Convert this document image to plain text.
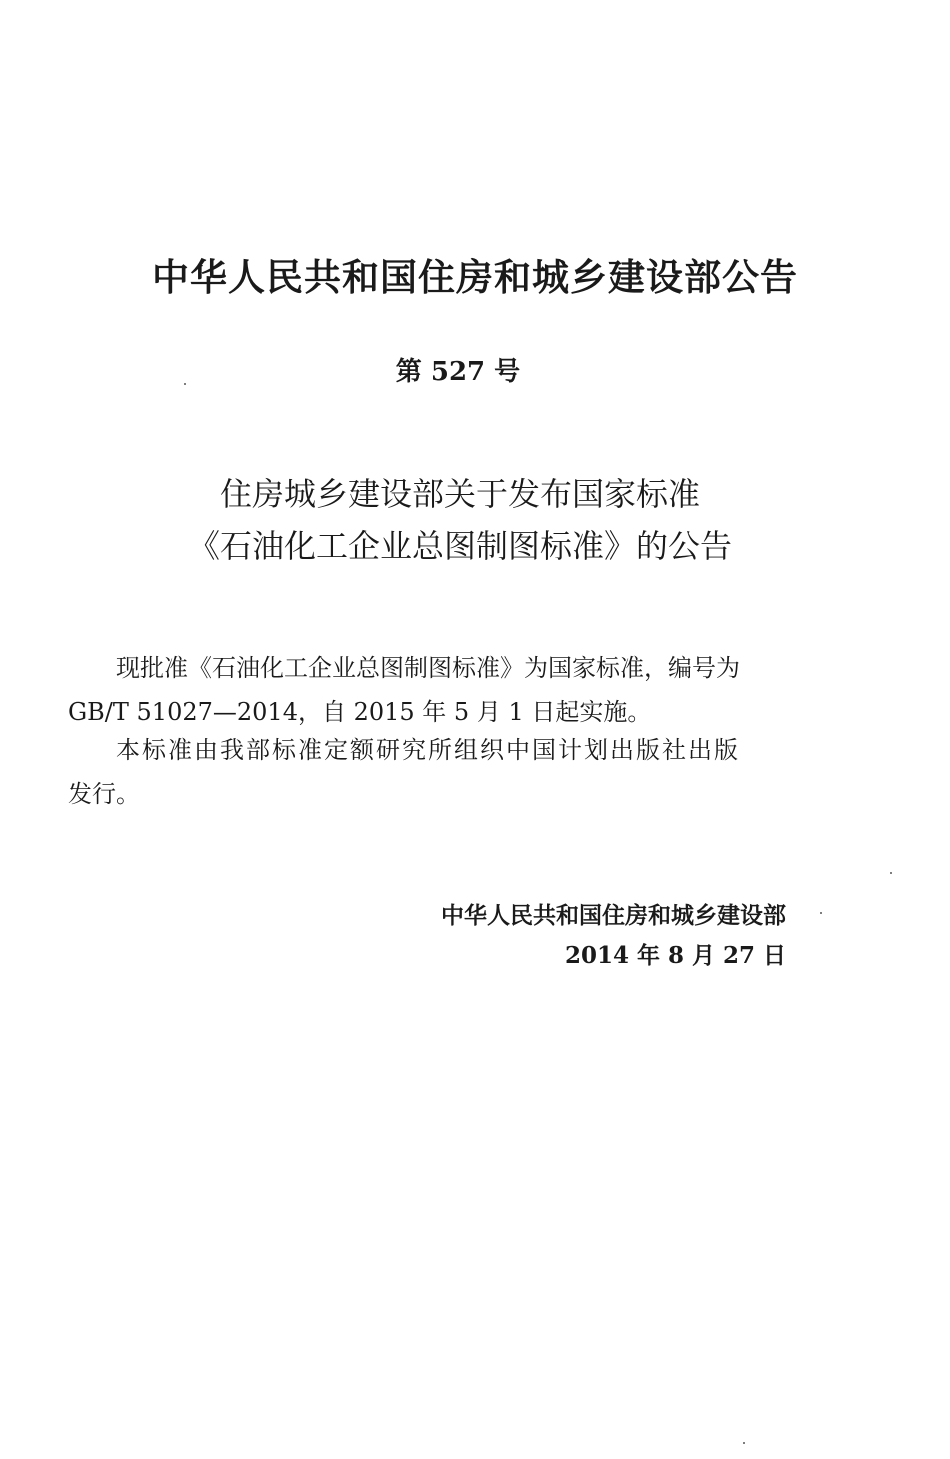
中华人民共和国住房和城乡建设部公告
第 527 号
住房城乡建设部关于发布国家标准
《石油化工企业总图制图标准》的公告
现批准《石油化工企业总图制图标准》为国家标准，编号为
GB/T 51027—2014，自 2015 年 5 月 1 日起实施。
本标准由我部标准定额研究所组织中国计划出版社出版
发行。
中华人民共和国住房和城乡建设部
2014 年 8 月 27 日
